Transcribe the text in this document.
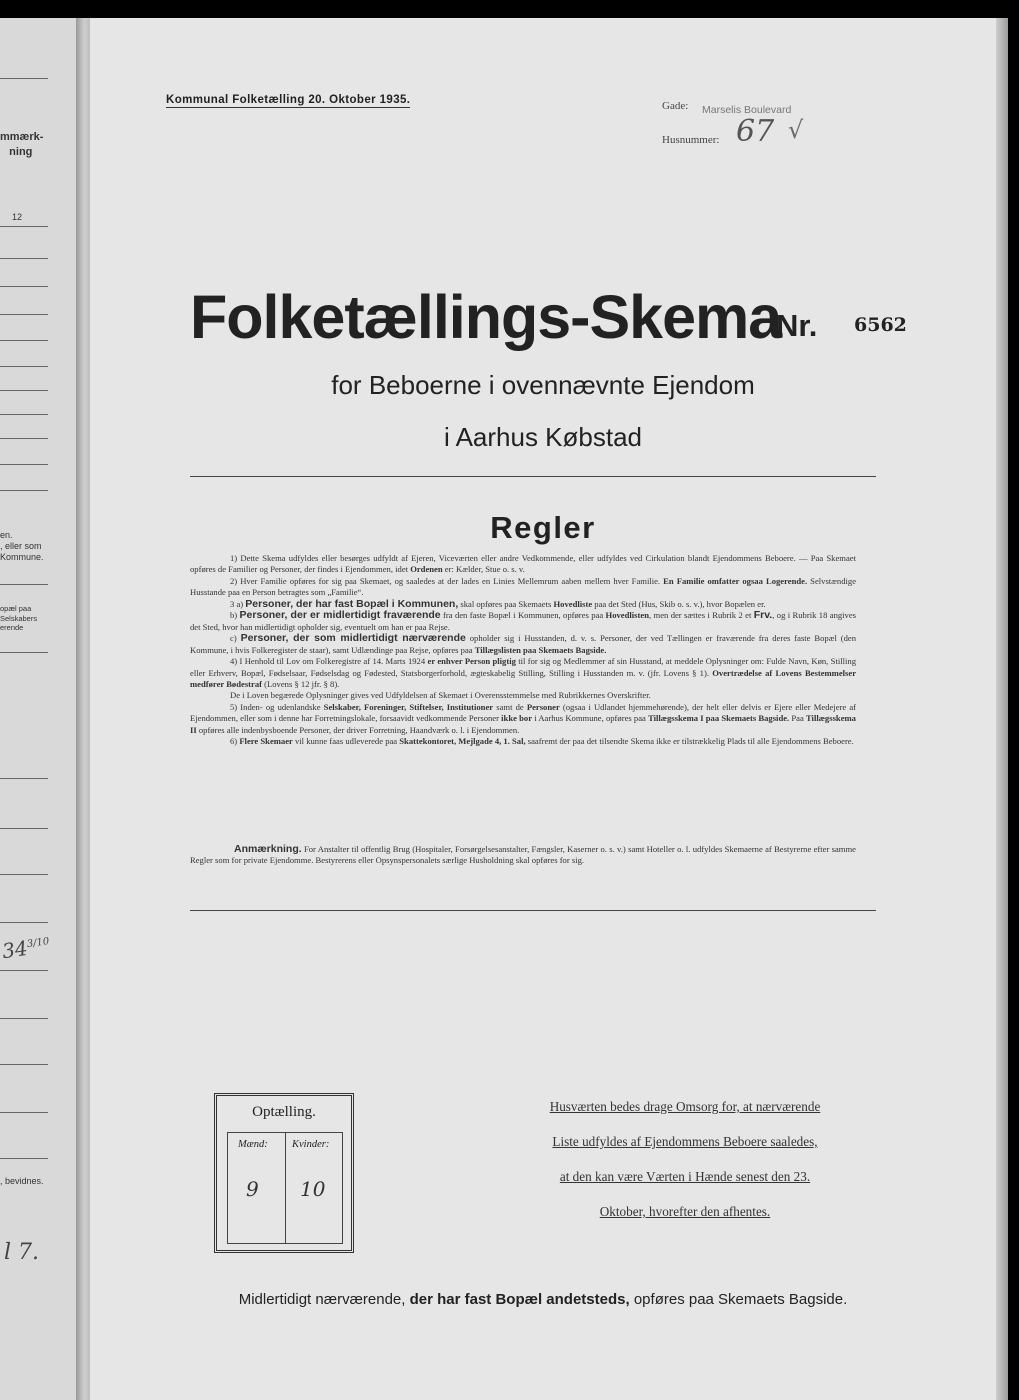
mmærk-
ning
12
en.
, eller som
Kommune.
opæl paa
Selskabers
erende
$34^{3/10}$
, bevidnes.
l 7.
Kommunal Folketælling 20. Oktober 1935.	Gade: Marselis Boulevard
Husnummer: 67 √
Folketællings-Skema
Nr. 6562
for Beboerne i ovennævnte Ejendom
i Aarhus Købstad
Regler

1) Dette Skema udfyldes eller besørges udfyldt af Ejeren, Viceværten eller andre Vedkommende, eller udfyldes ved Cirkulation blandt Ejendommens Beboere. — Paa Skemaet opføres de Familier og Personer, der findes i Ejendommen, idet Ordenen er: Kælder, Stue o. s. v.

2) Hver Familie opføres for sig paa Skemaet, og saaledes at der lades en Linies Mellemrum aaben mellem hver Familie. En Familie omfatter ogsaa Logerende. Selvstændige Husstande paa en Person betragtes som „Familie“.

3 a) Personer, der har fast Bopæl i Kommunen, skal opføres paa Skemaets Hovedliste paa det Sted (Hus, Skib o. s. v.), hvor Bopælen er.

b) Personer, der er midlertidigt fraværende fra den faste Bopæl i Kommunen, opføres paa Hovedlisten, men der sættes i Rubrik 2 et Frv., og i Rubrik 18 angives det Sted, hvor han midlertidigt opholder sig, eventuelt om han er paa Rejse.

c) Personer, der som midlertidigt nærværende opholder sig i Husstanden, d. v. s. Personer, der ved Tællingen er fraværende fra deres faste Bopæl (den Kommune, i hvis Folkeregister de staar), samt Udlændinge paa Rejse, opføres paa Tillægslisten paa Skemaets Bagside.

4) I Henhold til Lov om Folkeregistre af 14. Marts 1924 er enhver Person pligtig til for sig og Medlemmer af sin Husstand, at meddele Oplysninger om: Fulde Navn, Køn, Stilling eller Erhverv, Bopæl, Fødselsaar, Fødselsdag og Fødested, Statsborgerforhold, ægteskabelig Stilling, Stilling i Husstanden m. v. (jfr. Lovens § 1). Overtrædelse af Lovens Bestemmelser medfører Bødestraf (Lovens § 12 jfr. § 8).

De i Loven begærede Oplysninger gives ved Udfyldelsen af Skemaet i Overensstemmelse med Rubrikkernes Overskrifter.

5) Inden- og udenlandske Selskaber, Foreninger, Stiftelser, Institutioner samt de Personer (ogsaa i Udlandet hjemmehørende), der helt eller delvis er Ejere eller Medejere af Ejendommen, eller som i denne har Forretningslokale, forsaavidt vedkommende Personer ikke bor i Aarhus Kommune, opføres paa Tillægsskema I paa Skemaets Bagside. Paa Tillægsskema II opføres alle indenbysboende Personer, der driver Forretning, Haandværk o. l. i Ejendommen.

6) Flere Skemaer vil kunne faas udleverede paa Skattekontoret, Mejlgade 4, 1. Sal, saafremt der paa det tilsendte Skema ikke er tilstrækkelig Plads til alle Ejendommens Beboere.

Anmærkning. For Anstalter til offentlig Brug (Hospitaler, Forsørgelsesanstalter, Fængsler, Kaserner o. s. v.) samt Hoteller o. l. udfyldes Skemaerne af Bestyrerne efter samme Regler som for private Ejendomme. Bestyrerens eller Opsynspersonalets særlige Husholdning skal opføres for sig.
Optælling.
Mænd: Kvinder:
9 10
Husværten bedes drage Omsorg for, at nærværende
Liste udfyldes af Ejendommens Beboere saaledes,
at den kan være Værten i Hænde senest den 23.
Oktober, hvorefter den afhentes.
Midlertidigt nærværende, der har fast Bopæl andetsteds, opføres paa Skemaets Bagside.
